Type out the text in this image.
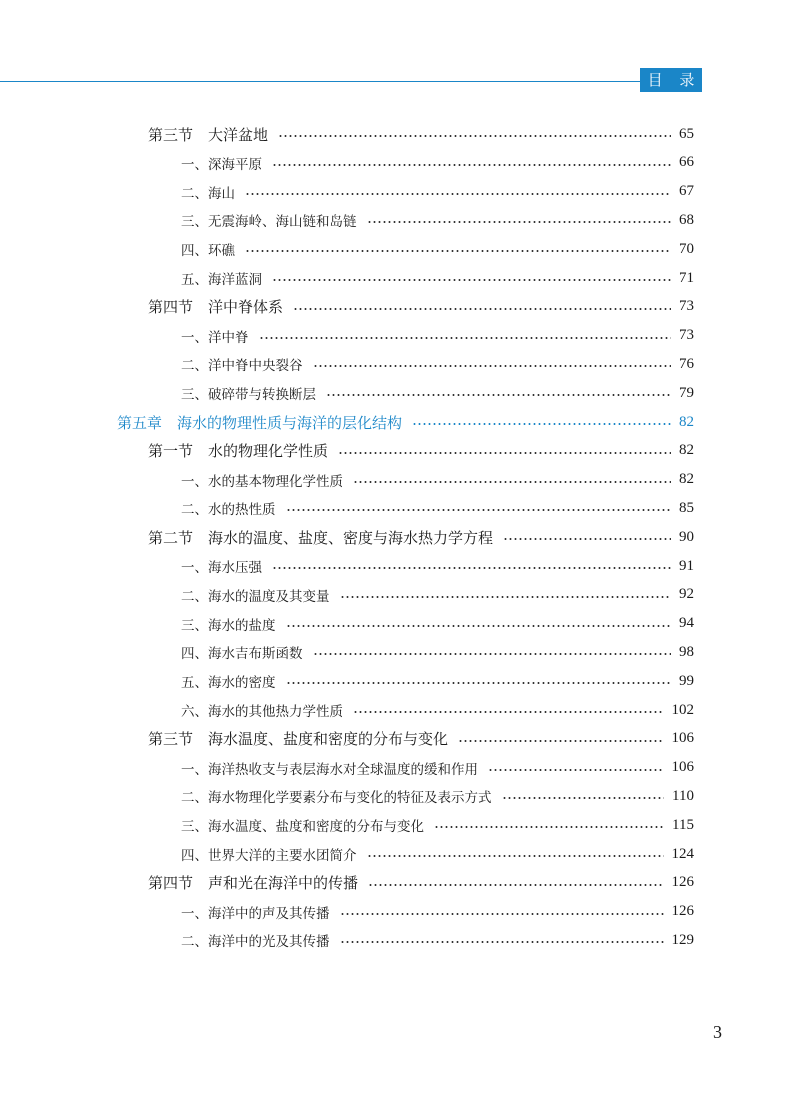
目 录
第三节　大洋盆地	65
一、深海平原	66
二、海山	67
三、无震海岭、海山链和岛链	68
四、环礁	70
五、海洋蓝洞	71
第四节　洋中脊体系	73
一、洋中脊	73
二、洋中脊中央裂谷	76
三、破碎带与转换断层	79
第五章　海水的物理性质与海洋的层化结构	82
第一节　水的物理化学性质	82
一、水的基本物理化学性质	82
二、水的热性质	85
第二节　海水的温度、盐度、密度与海水热力学方程	90
一、海水压强	91
二、海水的温度及其变量	92
三、海水的盐度	94
四、海水吉布斯函数	98
五、海水的密度	99
六、海水的其他热力学性质	102
第三节　海水温度、盐度和密度的分布与变化	106
一、海洋热收支与表层海水对全球温度的缓和作用	106
二、海水物理化学要素分布与变化的特征及表示方式	110
三、海水温度、盐度和密度的分布与变化	115
四、世界大洋的主要水团简介	124
第四节　声和光在海洋中的传播	126
一、海洋中的声及其传播	126
二、海洋中的光及其传播	129
3
